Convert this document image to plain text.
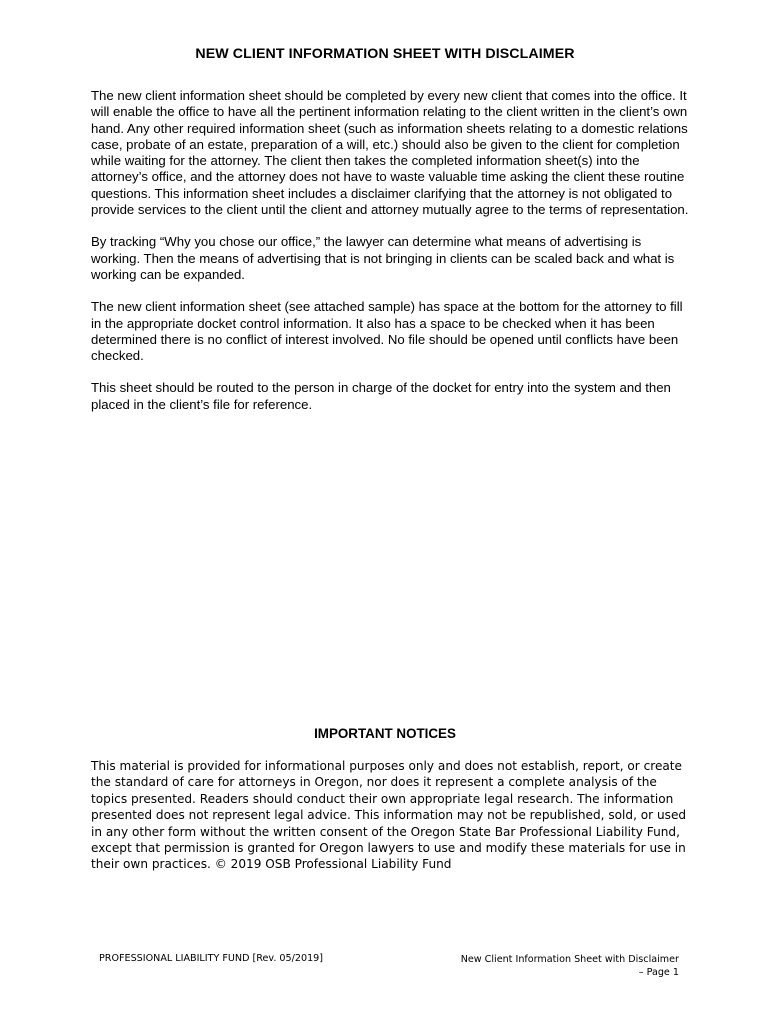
NEW CLIENT INFORMATION SHEET WITH DISCLAIMER

The new client information sheet should be completed by every new client that comes into the office. It will enable the office to have all the pertinent information relating to the client written in the client’s own hand. Any other required information sheet (such as information sheets relating to a domestic relations case, probate of an estate, preparation of a will, etc.) should also be given to the client for completion while waiting for the attorney. The client then takes the completed information sheet(s) into the attorney’s office, and the attorney does not have to waste valuable time asking the client these routine questions. This information sheet includes a disclaimer clarifying that the attorney is not obligated to provide services to the client until the client and attorney mutually agree to the terms of representation.

By tracking “Why you chose our office,” the lawyer can determine what means of advertising is working. Then the means of advertising that is not bringing in clients can be scaled back and what is working can be expanded.

The new client information sheet (see attached sample) has space at the bottom for the attorney to fill in the appropriate docket control information. It also has a space to be checked when it has been determined there is no conflict of interest involved. No file should be opened until conflicts have been checked.

This sheet should be routed to the person in charge of the docket for entry into the system and then placed in the client’s file for reference.

IMPORTANT NOTICES

This material is provided for informational purposes only and does not establish, report, or create the standard of care for attorneys in Oregon, nor does it represent a complete analysis of the topics presented. Readers should conduct their own appropriate legal research. The information presented does not represent legal advice. This information may not be republished, sold, or used in any other form without the written consent of the Oregon State Bar Professional Liability Fund, except that permission is granted for Oregon lawyers to use and modify these materials for use in their own practices. © 2019 OSB Professional Liability Fund

PROFESSIONAL LIABILITY FUND [Rev. 05/2019]	New Client Information Sheet with Disclaimer
– Page 1
